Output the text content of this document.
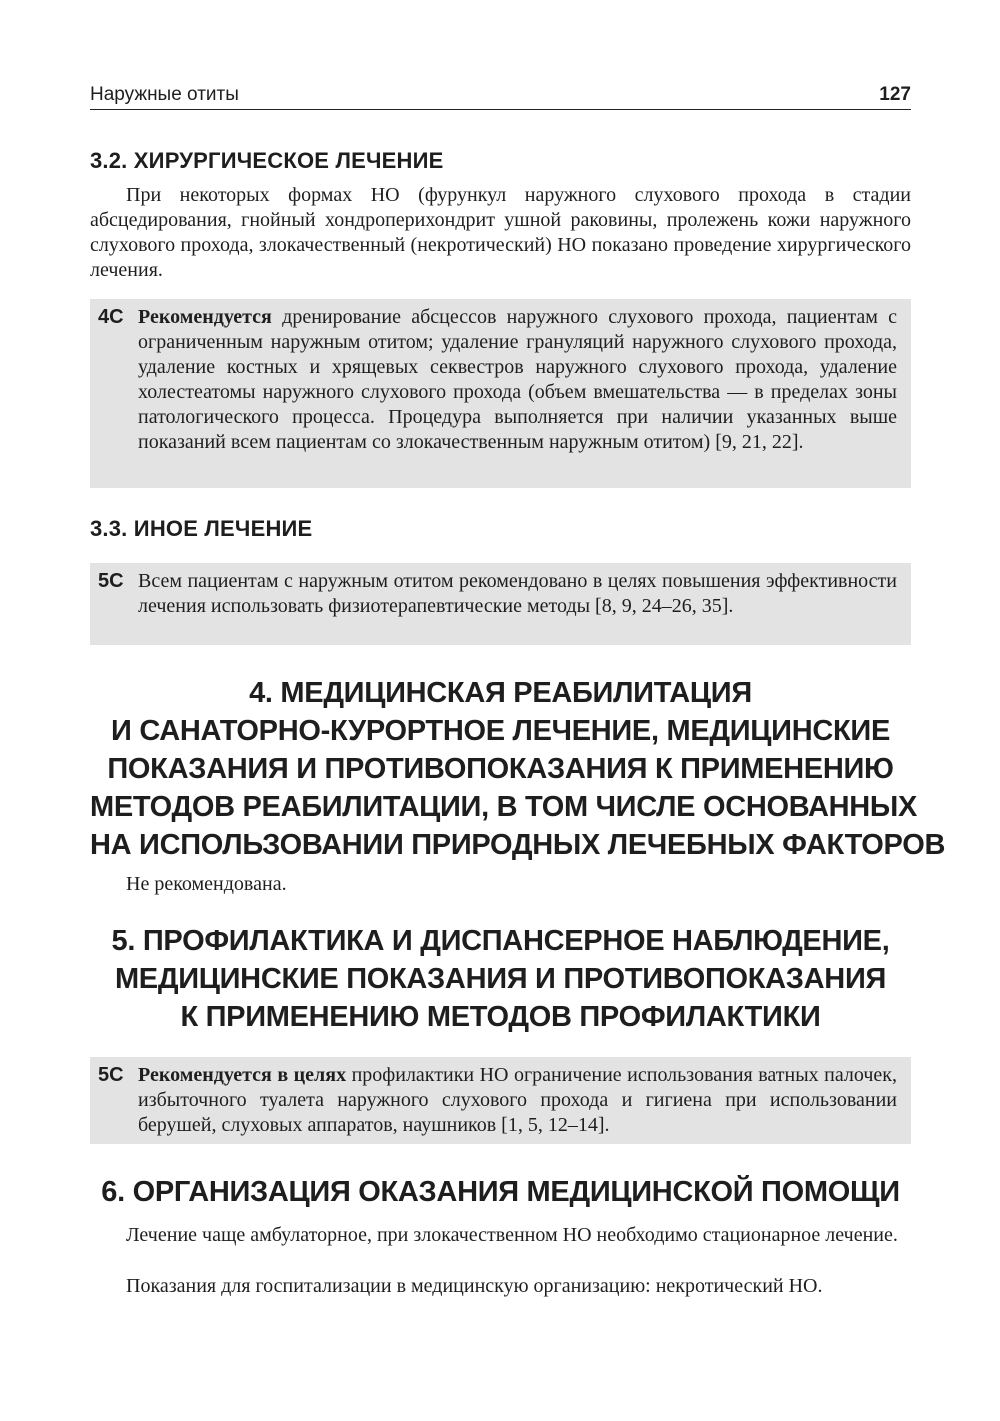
Наружные отиты	127
3.2. ХИРУРГИЧЕСКОЕ ЛЕЧЕНИЕ

При некоторых формах НО (фурункул наружного слухового прохода в стадии абсцедирования, гнойный хондроперихондрит ушной раковины, пролежень кожи наружного слухового прохода, злокачественный (некротический) НО показано проведение хирургического лечения.

4C Рекомендуется дренирование абсцессов наружного слухового прохода, пациентам с ограниченным наружным отитом; удаление грануляций наружного слухового прохода, удаление костных и хрящевых секвестров наружного слухового прохода, удаление холестеатомы наружного слухового прохода (объем вмешательства — в пределах зоны патологического процесса. Процедура выполняется при наличии указанных выше показаний всем пациентам со злокачественным наружным отитом) [9, 21, 22].

3.3. ИНОЕ ЛЕЧЕНИЕ
5C Всем пациентам с наружным отитом рекомендовано в целях повышения эффективности лечения использовать физиотерапевтические методы [8, 9, 24–26, 35].

4. МЕДИЦИНСКАЯ РЕАБИЛИТАЦИЯ
И САНАТОРНО-КУРОРТНОЕ ЛЕЧЕНИЕ, МЕДИЦИНСКИЕ
ПОКАЗАНИЯ И ПРОТИВОПОКАЗАНИЯ К ПРИМЕНЕНИЮ
МЕТОДОВ РЕАБИЛИТАЦИИ, В ТОМ ЧИСЛЕ ОСНОВАННЫХ
НА ИСПОЛЬЗОВАНИИ ПРИРОДНЫХ ЛЕЧЕБНЫХ ФАКТОРОВ

Не рекомендована.

5. ПРОФИЛАКТИКА И ДИСПАНСЕРНОЕ НАБЛЮДЕНИЕ,
МЕДИЦИНСКИЕ ПОКАЗАНИЯ И ПРОТИВОПОКАЗАНИЯ
К ПРИМЕНЕНИЮ МЕТОДОВ ПРОФИЛАКТИКИ
5C Рекомендуется в целях профилактики НО ограничение использования ватных палочек, избыточного туалета наружного слухового прохода и гигиена при использовании берушей, слуховых аппаратов, наушников [1, 5, 12–14].

6. ОРГАНИЗАЦИЯ ОКАЗАНИЯ МЕДИЦИНСКОЙ ПОМОЩИ

Лечение чаще амбулаторное, при злокачественном НО необходимо стационарное лечение.

Показания для госпитализации в медицинскую организацию: некротический НО.
